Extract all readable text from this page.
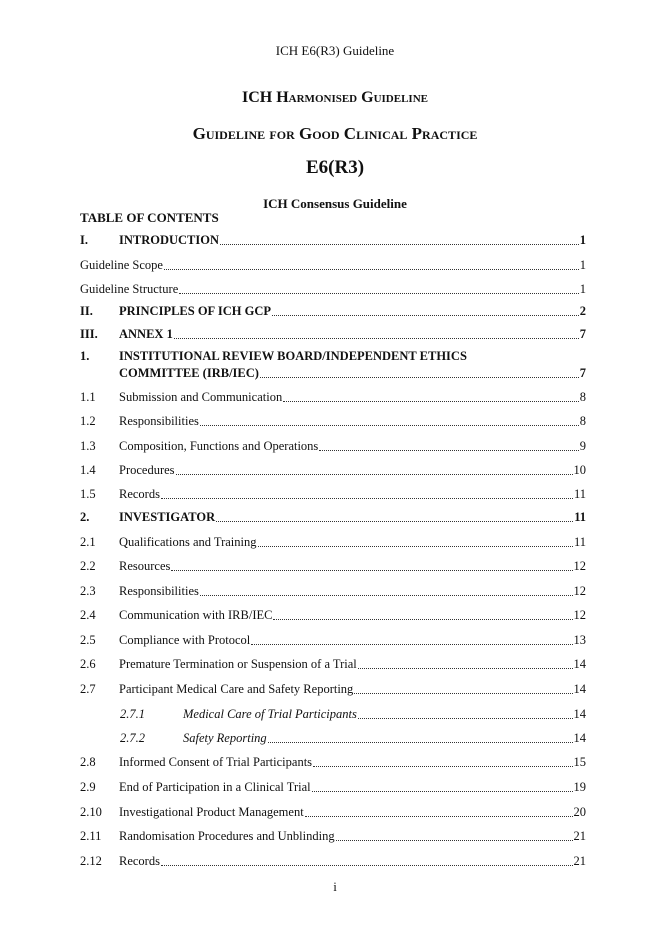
ICH E6(R3) Guideline
ICH Harmonised Guideline
Guideline for Good Clinical Practice
E6(R3)
ICH Consensus Guideline
TABLE OF CONTENTS
I.	INTRODUCTION	1
Guideline Scope	1
Guideline Structure	1
II.	PRINCIPLES OF ICH GCP	2
III.	ANNEX 1	7
1.	INSTITUTIONAL REVIEW BOARD/INDEPENDENT ETHICS
COMMITTEE (IRB/IEC)	7
1.1	Submission and Communication	8
1.2	Responsibilities	8
1.3	Composition, Functions and Operations	9
1.4	Procedures	10
1.5	Records	11
2.	INVESTIGATOR	11
2.1	Qualifications and Training	11
2.2	Resources	12
2.3	Responsibilities	12
2.4	Communication with IRB/IEC	12
2.5	Compliance with Protocol	13
2.6	Premature Termination or Suspension of a Trial	14
2.7	Participant Medical Care and Safety Reporting	14
2.7.1	Medical Care of Trial Participants	14
2.7.2	Safety Reporting	14
2.8	Informed Consent of Trial Participants	15
2.9	End of Participation in a Clinical Trial	19
2.10	Investigational Product Management	20
2.11	Randomisation Procedures and Unblinding	21
2.12	Records	21
i
